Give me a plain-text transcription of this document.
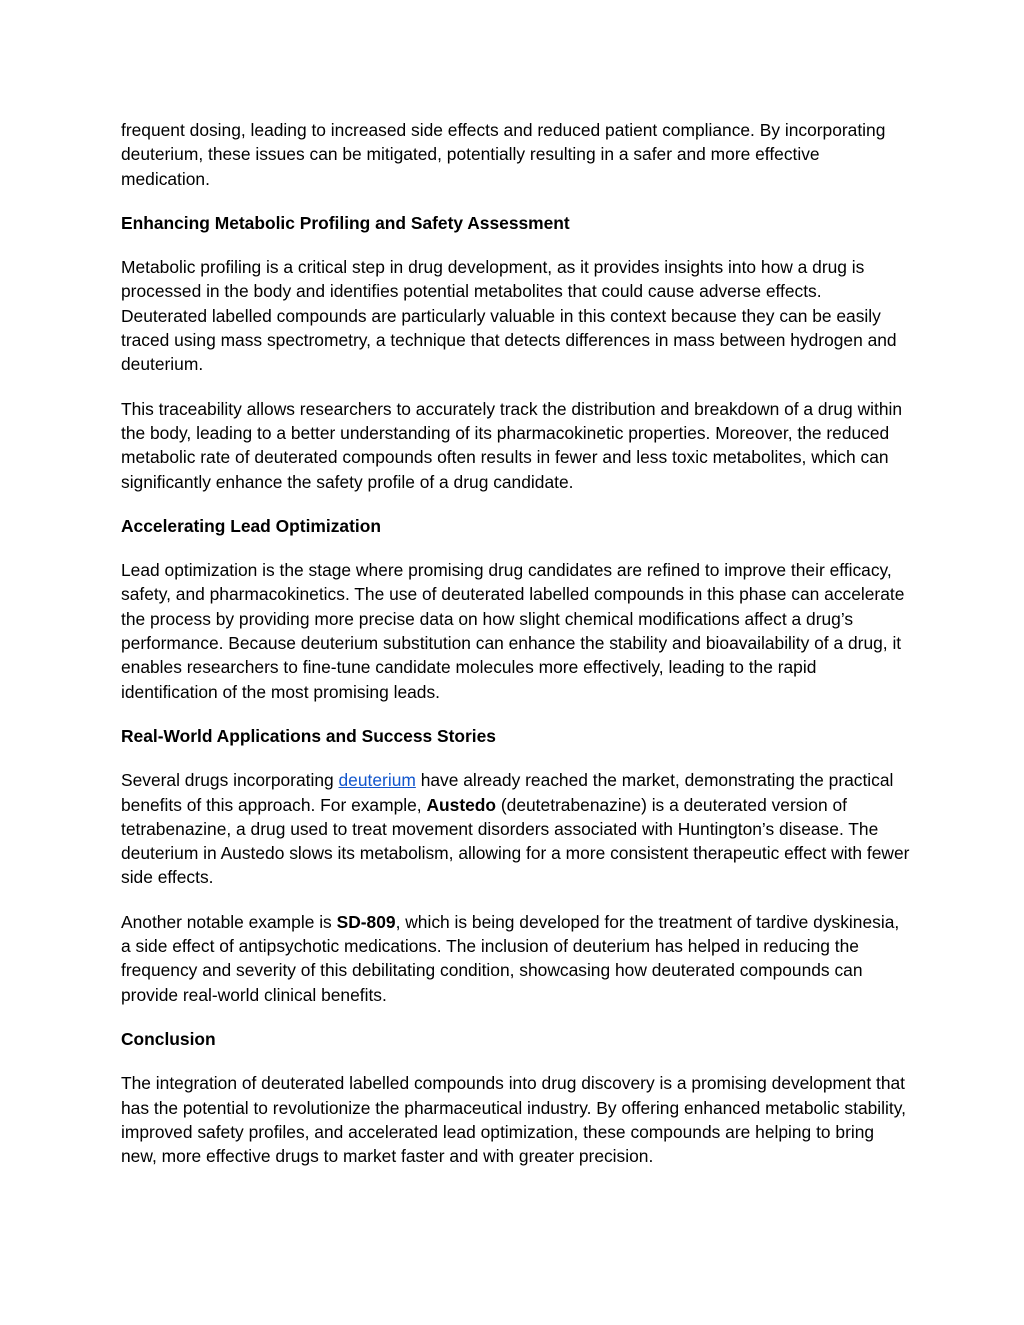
frequent dosing, leading to increased side effects and reduced patient compliance. By incorporating deuterium, these issues can be mitigated, potentially resulting in a safer and more effective medication.

Enhancing Metabolic Profiling and Safety Assessment

Metabolic profiling is a critical step in drug development, as it provides insights into how a drug is processed in the body and identifies potential metabolites that could cause adverse effects. Deuterated labelled compounds are particularly valuable in this context because they can be easily traced using mass spectrometry, a technique that detects differences in mass between hydrogen and deuterium.

This traceability allows researchers to accurately track the distribution and breakdown of a drug within the body, leading to a better understanding of its pharmacokinetic properties. Moreover, the reduced metabolic rate of deuterated compounds often results in fewer and less toxic metabolites, which can significantly enhance the safety profile of a drug candidate.

Accelerating Lead Optimization

Lead optimization is the stage where promising drug candidates are refined to improve their efficacy, safety, and pharmacokinetics. The use of deuterated labelled compounds in this phase can accelerate the process by providing more precise data on how slight chemical modifications affect a drug’s performance. Because deuterium substitution can enhance the stability and bioavailability of a drug, it enables researchers to fine-tune candidate molecules more effectively, leading to the rapid identification of the most promising leads.

Real-World Applications and Success Stories

Several drugs incorporating deuterium have already reached the market, demonstrating the practical benefits of this approach. For example, Austedo (deutetrabenazine) is a deuterated version of tetrabenazine, a drug used to treat movement disorders associated with Huntington’s disease. The deuterium in Austedo slows its metabolism, allowing for a more consistent therapeutic effect with fewer side effects.

Another notable example is SD-809, which is being developed for the treatment of tardive dyskinesia, a side effect of antipsychotic medications. The inclusion of deuterium has helped in reducing the frequency and severity of this debilitating condition, showcasing how deuterated compounds can provide real-world clinical benefits.

Conclusion

The integration of deuterated labelled compounds into drug discovery is a promising development that has the potential to revolutionize the pharmaceutical industry. By offering enhanced metabolic stability, improved safety profiles, and accelerated lead optimization, these compounds are helping to bring new, more effective drugs to market faster and with greater precision.
